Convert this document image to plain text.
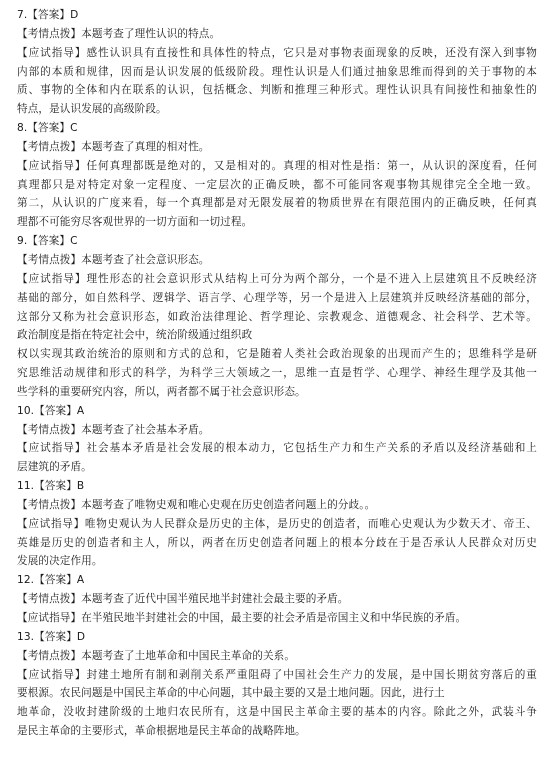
7.【答案】D
【考情点拨】本题考查了理性认识的特点。
【应试指导】感性认识具有直接性和具体性的特点，它只是对事物表面现象的反映，还没有深入到事物
内部的本质和规律，因而是认识发展的低级阶段。理性认识是人们通过抽象思维而得到的关于事物的本
质、事物的全体和内在联系的认识，包括概念、判断和推理三种形式。理性认识具有间接性和抽象性的
特点，是认识发展的高级阶段。
8.【答案】C
【考情点拨】本题考查了真理的相对性。
【应试指导】任何真理都既是绝对的，又是相对的。真理的相对性是指：第一，从认识的深度看，任何
真理都只是对特定对象一定程度、一定层次的正确反映，都不可能同客观事物其规律完全全地一致。
第二，从认识的广度来看，每一个真理都是对无限发展着的物质世界在有限范围内的正确反映，任何真
理都不可能穷尽客观世界的一切方面和一切过程。
9.【答案】C
【考情点拨】本题考查了社会意识形态。
【应试指导】理性形态的社会意识形式从结构上可分为两个部分，一个是不进入上层建筑且不反映经济
基础的部分，如自然科学、逻辑学、语言学、心理学等，另一个是进入上层建筑并反映经济基础的部分，
这部分又称为社会意识形态，如政治法律理论、哲学理论、宗教观念、道德观念、社会科学、艺术等。
政治制度是指在特定社会中，统治阶级通过组织政
权以实现其政治统治的原则和方式的总和，它是随着人类社会政治现象的出现而产生的；思维科学是研
究思维活动规律和形式的科学，为科学三大领域之一，思维一直是哲学、心理学、神经生理学及其他一
些学科的重要研究内容，所以，两者都不属于社会意识形态。
10.【答案】A
【考情点拨】本题考查了社会基本矛盾。
【应试指导】社会基本矛盾是社会发展的根本动力，它包括生产力和生产关系的矛盾以及经济基础和上
层建筑的矛盾。
11.【答案】B
【考情点拨】本题考查了唯物史观和唯心史观在历史创造者问题上的分歧。。
【应试指导】唯物史观认为人民群众是历史的主体，是历史的创造者，而唯心史观认为少数天才、帝王、
英雄是历史的创造者和主人，所以，两者在历史创造者问题上的根本分歧在于是否承认人民群众对历史
发展的决定作用。
12.【答案】A
【考情点拨】本题考查了近代中国半殖民地半封建社会最主要的矛盾。
【应试指导】在半殖民地半封建社会的中国，最主要的社会矛盾是帝国主义和中华民族的矛盾。
13.【答案】D
【考情点拨】本题考查了土地革命和中国民主革命的关系。
【应试指导】封建土地所有制和剥削关系严重阻碍了中国社会生产力的发展，是中国长期贫穷落后的重
要根源。农民问题是中国民主革命的中心问题，其中最主要的又是土地问题。因此，进行土
地革命，没收封建阶级的土地归农民所有，这是中国民主革命主要的基本的内容。除此之外，武装斗争
是民主革命的主要形式，革命根据地是民主革命的战略阵地。
